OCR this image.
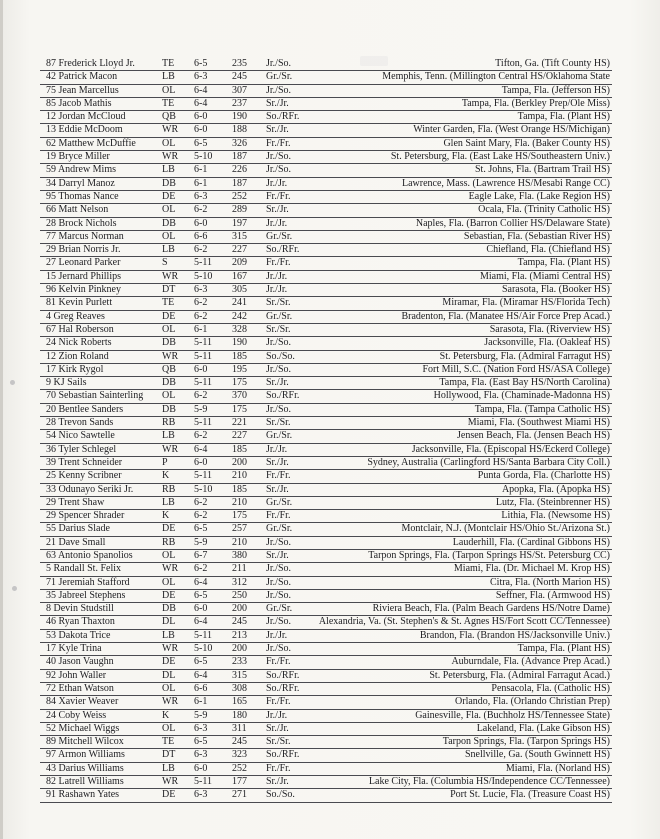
87 Frederick Lloyd Jr.	TE	6-5	235	Jr./So.	Tifton, Ga. (Tift County HS)
42 Patrick Macon	LB	6-3	245	Gr./Sr.	Memphis, Tenn. (Millington Central HS/Oklahoma State
75 Jean Marcellus	OL	6-4	307	Jr./So.	Tampa, Fla. (Jefferson HS)
85 Jacob Mathis	TE	6-4	237	Sr./Jr.	Tampa, Fla. (Berkley Prep/Ole Miss)
12 Jordan McCloud	QB	6-0	190	So./RFr.	Tampa, Fla. (Plant HS)
13 Eddie McDoom	WR	6-0	188	Sr./Jr.	Winter Garden, Fla. (West Orange HS/Michigan)
62 Matthew McDuffie	OL	6-5	326	Fr./Fr.	Glen Saint Mary, Fla. (Baker County HS)
19 Bryce Miller	WR	5-10	187	Jr./So.	St. Petersburg, Fla. (East Lake HS/Southeastern Univ.)
59 Andrew Mims	LB	6-1	226	Jr./So.	St. Johns, Fla. (Bartram Trail HS)
34 Darryl Manoz	DB	6-1	187	Jr./Jr.	Lawrence, Mass. (Lawrence HS/Mesabi Range CC)
95 Thomas Nance	DE	6-3	252	Fr./Fr.	Eagle Lake, Fla. (Lake Region HS)
66 Matt Nelson	OL	6-2	289	Sr./Jr.	Ocala, Fla. (Trinity Catholic HS)
28 Brock Nichols	DB	6-0	197	Jr./Jr.	Naples, Fla. (Barron Collier HS/Delaware State)
77 Marcus Norman	OL	6-6	315	Gr./Sr.	Sebastian, Fla. (Sebastian River HS)
29 Brian Norris Jr.	LB	6-2	227	So./RFr.	Chiefland, Fla. (Chiefland HS)
27 Leonard Parker	S	5-11	209	Fr./Fr.	Tampa, Fla. (Plant HS)
15 Jernard Phillips	WR	5-10	167	Jr./Jr.	Miami, Fla. (Miami Central HS)
96 Kelvin Pinkney	DT	6-3	305	Jr./Jr.	Sarasota, Fla. (Booker HS)
81 Kevin Purlett	TE	6-2	241	Sr./Sr.	Miramar, Fla. (Miramar HS/Florida Tech)
4 Greg Reaves	DE	6-2	242	Gr./Sr.	Bradenton, Fla. (Manatee HS/Air Force Prep Acad.)
67 Hal Roberson	OL	6-1	328	Sr./Sr.	Sarasota, Fla. (Riverview HS)
24 Nick Roberts	DB	5-11	190	Jr./So.	Jacksonville, Fla. (Oakleaf HS)
12 Zion Roland	WR	5-11	185	So./So.	St. Petersburg, Fla. (Admiral Farragut HS)
17 Kirk Rygol	QB	6-0	195	Jr./So.	Fort Mill, S.C. (Nation Ford HS/ASA College)
9 KJ Sails	DB	5-11	175	Sr./Jr.	Tampa, Fla. (East Bay HS/North Carolina)
70 Sebastian Sainterling	OL	6-2	370	So./RFr.	Hollywood, Fla. (Chaminade-Madonna HS)
20 Bentlee Sanders	DB	5-9	175	Jr./So.	Tampa, Fla. (Tampa Catholic HS)
28 Trevon Sands	RB	5-11	221	Sr./Sr.	Miami, Fla. (Southwest Miami HS)
54 Nico Sawtelle	LB	6-2	227	Gr./Sr.	Jensen Beach, Fla. (Jensen Beach HS)
36 Tyler Schlegel	WR	6-4	185	Jr./Jr.	Jacksonville, Fla. (Episcopal HS/Eckerd College)
39 Trent Schneider	P	6-0	200	Sr./Jr.	Sydney, Australia (Carlingford HS/Santa Barbara City Coll.)
25 Kenny Scribner	K	5-11	210	Fr./Fr.	Punta Gorda, Fla. (Charlotte HS)
33 Odunayo Seriki Jr.	RB	5-10	185	Sr./Jr.	Apopka, Fla. (Apopka HS)
29 Trent Shaw	LB	6-2	210	Gr./Sr.	Lutz, Fla. (Steinbrenner HS)
29 Spencer Shrader	K	6-2	175	Fr./Fr.	Lithia, Fla. (Newsome HS)
55 Darius Slade	DE	6-5	257	Gr./Sr.	Montclair, N.J. (Montclair HS/Ohio St./Arizona St.)
21 Dave Small	RB	5-9	210	Jr./So.	Lauderhill, Fla. (Cardinal Gibbons HS)
63 Antonio Spanolios	OL	6-7	380	Sr./Jr.	Tarpon Springs, Fla. (Tarpon Springs HS/St. Petersburg CC)
5 Randall St. Felix	WR	6-2	211	Jr./So.	Miami, Fla. (Dr. Michael M. Krop HS)
71 Jeremiah Stafford	OL	6-4	312	Jr./So.	Citra, Fla. (North Marion HS)
35 Jabreel Stephens	DE	6-5	250	Jr./So.	Seffner, Fla. (Armwood HS)
8 Devin Studstill	DB	6-0	200	Gr./Sr.	Riviera Beach, Fla. (Palm Beach Gardens HS/Notre Dame)
46 Ryan Thaxton	DL	6-4	245	Jr./So.	Alexandria, Va. (St. Stephen's & St. Agnes HS/Fort Scott CC/Tennessee)
53 Dakota Trice	LB	5-11	213	Jr./Jr.	Brandon, Fla. (Brandon HS/Jacksonville Univ.)
17 Kyle Trina	WR	5-10	200	Jr./So.	Tampa, Fla. (Plant HS)
40 Jason Vaughn	DE	6-5	233	Fr./Fr.	Auburndale, Fla. (Advance Prep Acad.)
92 John Waller	DL	6-4	315	So./RFr.	St. Petersburg, Fla. (Admiral Farragut Acad.)
72 Ethan Watson	OL	6-6	308	So./RFr.	Pensacola, Fla. (Catholic HS)
84 Xavier Weaver	WR	6-1	165	Fr./Fr.	Orlando, Fla. (Orlando Christian Prep)
24 Coby Weiss	K	5-9	180	Jr./Jr.	Gainesville, Fla. (Buchholz HS/Tennessee State)
52 Michael Wiggs	OL	6-3	311	Sr./Jr.	Lakeland, Fla. (Lake Gibson HS)
89 Mitchell Wilcox	TE	6-5	245	Sr./Sr.	Tarpon Springs, Fla. (Tarpon Springs HS)
97 Armon Williams	DT	6-3	323	So./RFr.	Snellville, Ga. (South Gwinnett HS)
43 Darius Williams	LB	6-0	252	Fr./Fr.	Miami, Fla. (Norland HS)
82 Latrell Williams	WR	5-11	177	Sr./Jr.	Lake City, Fla. (Columbia HS/Independence CC/Tennessee)
91 Rashawn Yates	DE	6-3	271	So./So.	Port St. Lucie, Fla. (Treasure Coast HS)
